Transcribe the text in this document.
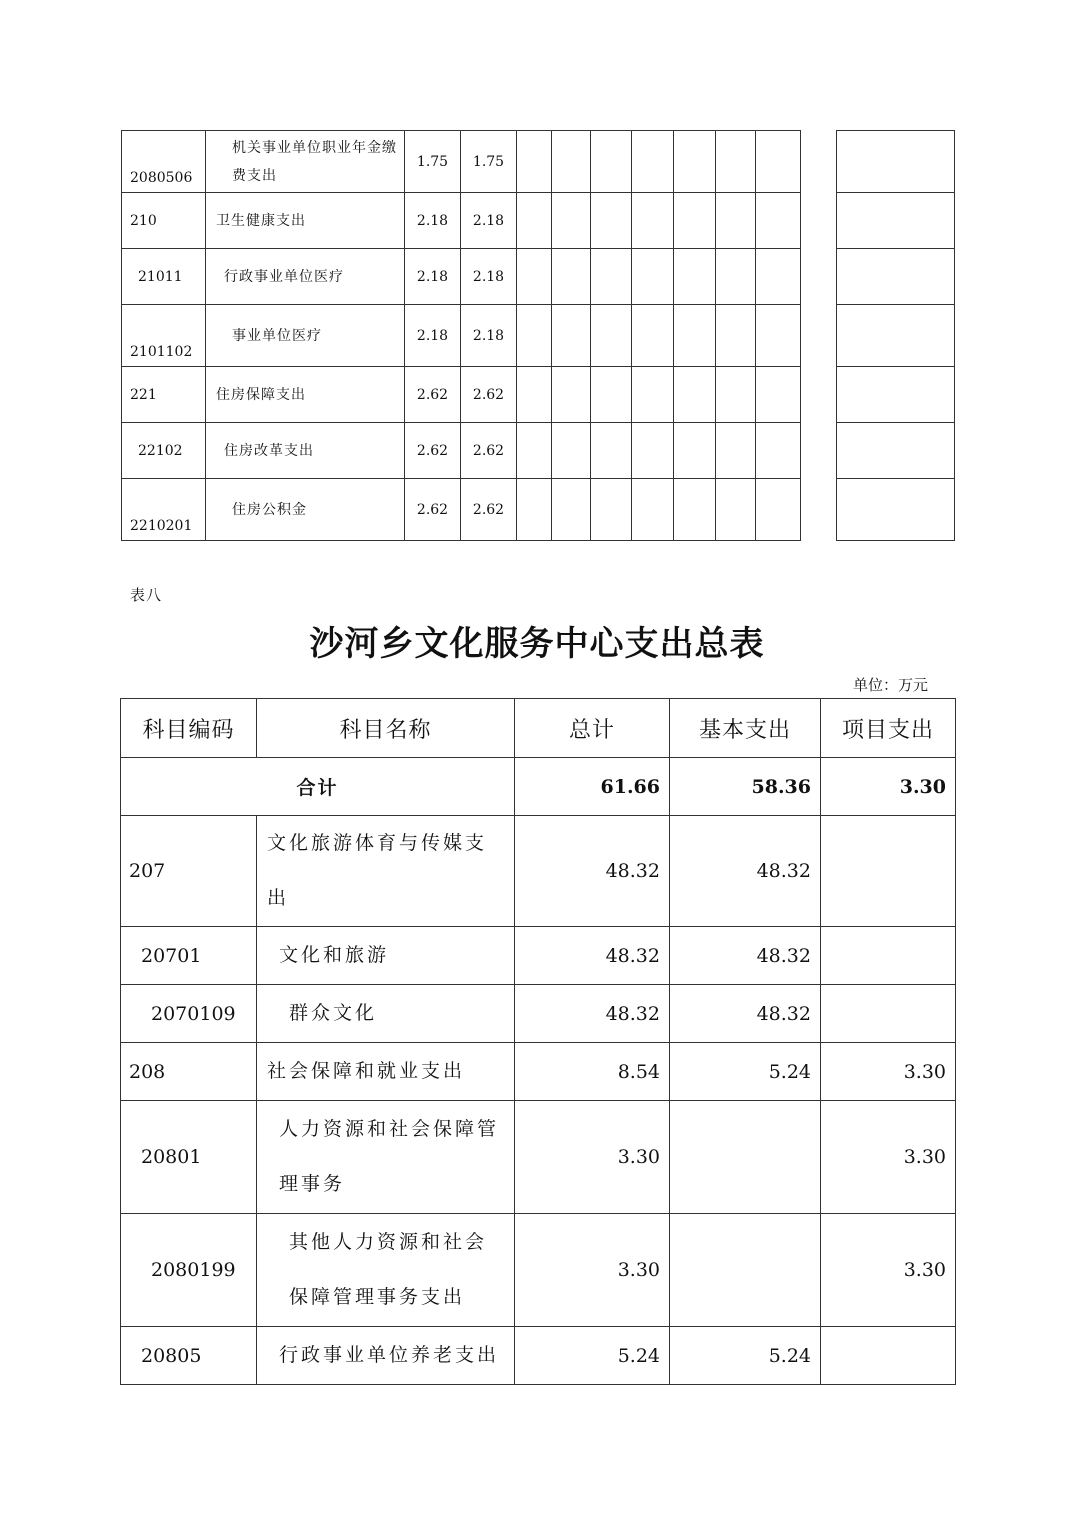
2080506	机关事业单位职业年金缴费支出	1.75	1.75									
210	卫生健康支出	2.18	2.18									
21011	行政事业单位医疗	2.18	2.18									
2101102	事业单位医疗	2.18	2.18									
221	住房保障支出	2.62	2.62									
22102	住房改革支出	2.62	2.62									
2210201	住房公积金	2.62	2.62									
表八
沙河乡文化服务中心支出总表
单位：万元
科目编码	科目名称	总计	基本支出	项目支出
合计		61.66	58.36	3.30
207	文化旅游体育与传媒支出	48.32	48.32	
20701	文化和旅游	48.32	48.32	
2070109	群众文化	48.32	48.32	
208	社会保障和就业支出	8.54	5.24	3.30
20801	人力资源和社会保障管理事务	3.30		3.30
2080199	其他人力资源和社会保障管理事务支出	3.30		3.30
20805	行政事业单位养老支出	5.24	5.24	
